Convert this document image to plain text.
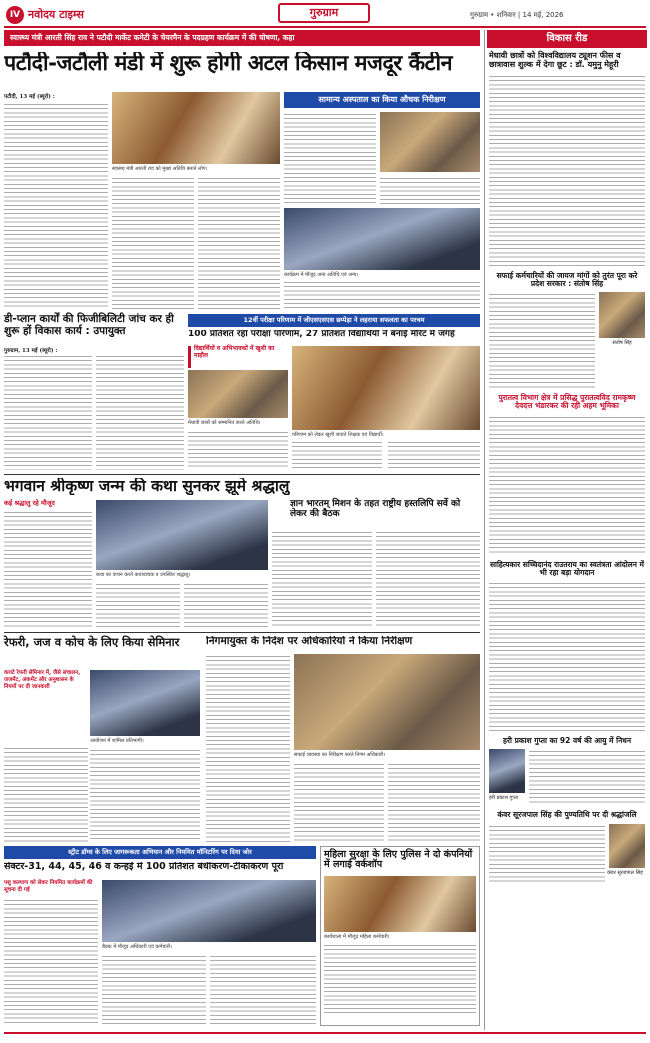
IV नवोदय टाइम्स	गुरुग्राम	गुरुग्राम • शनिवार | 14 मई, 2026
स्वास्थ्य मंत्री आरती सिंह राव ने पटौदी मार्केट कमेटी के चेयरमैन के पदग्रहण कार्यक्रम में की घोषणा, कहा
पटौदी-जटौली मंडी में शुरू होगी अटल किसान मजदूर कैंटीन
पटौदी, 13 मई (ब्यूरो) :
स्वास्थ्य मंत्री आरती राव को मुख्य अतिथि बनाते लोग।
सामान्य अस्पताल का किया औचक निरीक्षण
कार्यक्रम में मौजूद अन्य अतिथि एवं अन्य।
डी-प्लान कार्यों की फिजीबिलिटी जांच कर ही शुरू हों विकास कार्य : उपायुक्त
गुरुग्राम, 13 मई (ब्यूरो) :
12वीं परीक्षा परिणाम में जीएसएसएस छप्पेड़ा ने लहराया सफलता का परचम
100 प्रतिशत रहा परीक्षा परिणाम, 27 प्रतिशत विद्यार्थियों ने बनाई मैरिट में जगह
विद्यार्थियों व अभिभावकों में खुशी का माहौल
मेधावी छात्रों को सम्मानित करते अतिथि।
परिणाम को लेकर खुशी जताते शिक्षक एवं विद्यार्थी।
भगवान श्रीकृष्ण जन्म की कथा सुनकर झूमे श्रद्धालु
कई श्रद्धालु रहे मौजूद
कथा का वाचन करते कथावाचक व उपस्थित श्रद्धालु।
ज्ञान भारतम् मिशन के तहत राष्ट्रीय हस्तलिपि सर्वे को लेकर की बैठक
रेफरी, जज व कोच के लिए किया सेमिनार
कराटे रेफरी सेमिनार में, जैसे संचालन, जजमेंट, अंकमेंट और अनुशासन के नियमों पर दी जानकारी
आयोजन में शामिल प्रतिभागी।
निगमायुक्त के निर्देश पर अधिकारियों ने किया निरीक्षण
सफाई व्यवस्था का निरीक्षण करते निगम अधिकारी।
स्ट्रीट डॉग्स के लिए जागरूकता अभियान और नियमित मॉनिटरिंग पर दिया जोर
सेक्टर-31, 44, 45, 46 व कन्हई में 100 प्रतिशत बंधीकरण-टीकाकरण पूरा
पशु कल्याण को लेकर नियमित कार्यक्रमों की सूचना दी गई
बैठक में मौजूद अधिकारी एवं कर्मचारी।
महिला सुरक्षा के लिए पुलिस ने दो कंपनियों में लगाई वर्कशॉप
कार्यशाला में मौजूद महिला कर्मचारी।
विकास रीड
मेधावी छात्रों को विश्वविद्यालय ट्यूशन फीस व छात्रावास शुल्क में देगा छूट : डॉ. यमुनु मेहूरी
सफाई कर्मचारियों की जायज मांगों को तुरंत पूरा करे प्रदेश सरकार : संतोष सिंह
संतोष सिंह
पुरातत्व विभाग क्षेत्र में प्रसिद्ध पुरातत्वविद रामकृष्ण देवदत्त भंडारकर की रही अहम भूमिका
साहित्यकार सच्चिदानंद राउतराय का स्वतंत्रता आंदोलन में भी रहा बड़ा योगदान
हरी प्रकाश गुप्ता का 92 वर्ष की आयु में निधन
हरी प्रकाश गुप्ता
कंवर सूरजपाल सिंह की पुण्यतिथि पर दी श्रद्धांजलि
कंवर सूरजपाल सिंह
